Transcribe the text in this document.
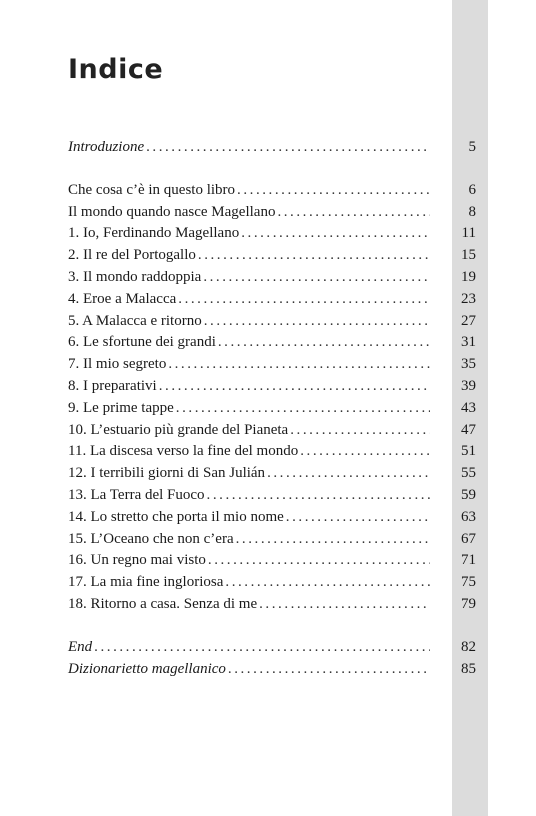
Indice
Introduzione . . .	5
Che cosa c’è in questo libro . . .	6
Il mondo quando nasce Magellano . . .	8
1. Io, Ferdinando Magellano . . .	11
2. Il re del Portogallo . . .	15
3. Il mondo raddoppia . . .	19
4. Eroe a Malacca . . .	23
5. A Malacca e ritorno . . .	27
6. Le sfortune dei grandi . . .	31
7. Il mio segreto . . .	35
8. I preparativi . . .	39
9. Le prime tappe . . .	43
10. L’estuario più grande del Pianeta . . .	47
11. La discesa verso la fine del mondo . . .	51
12. I terribili giorni di San Julián . . .	55
13. La Terra del Fuoco . . .	59
14. Lo stretto che porta il mio nome . . .	63
15. L’Oceano che non c’era . . .	67
16. Un regno mai visto . . .	71
17. La mia fine ingloriosa . . .	75
18. Ritorno a casa. Senza di me . . .	79
End . . .	82
Dizionarietto magellanico . . .	85
